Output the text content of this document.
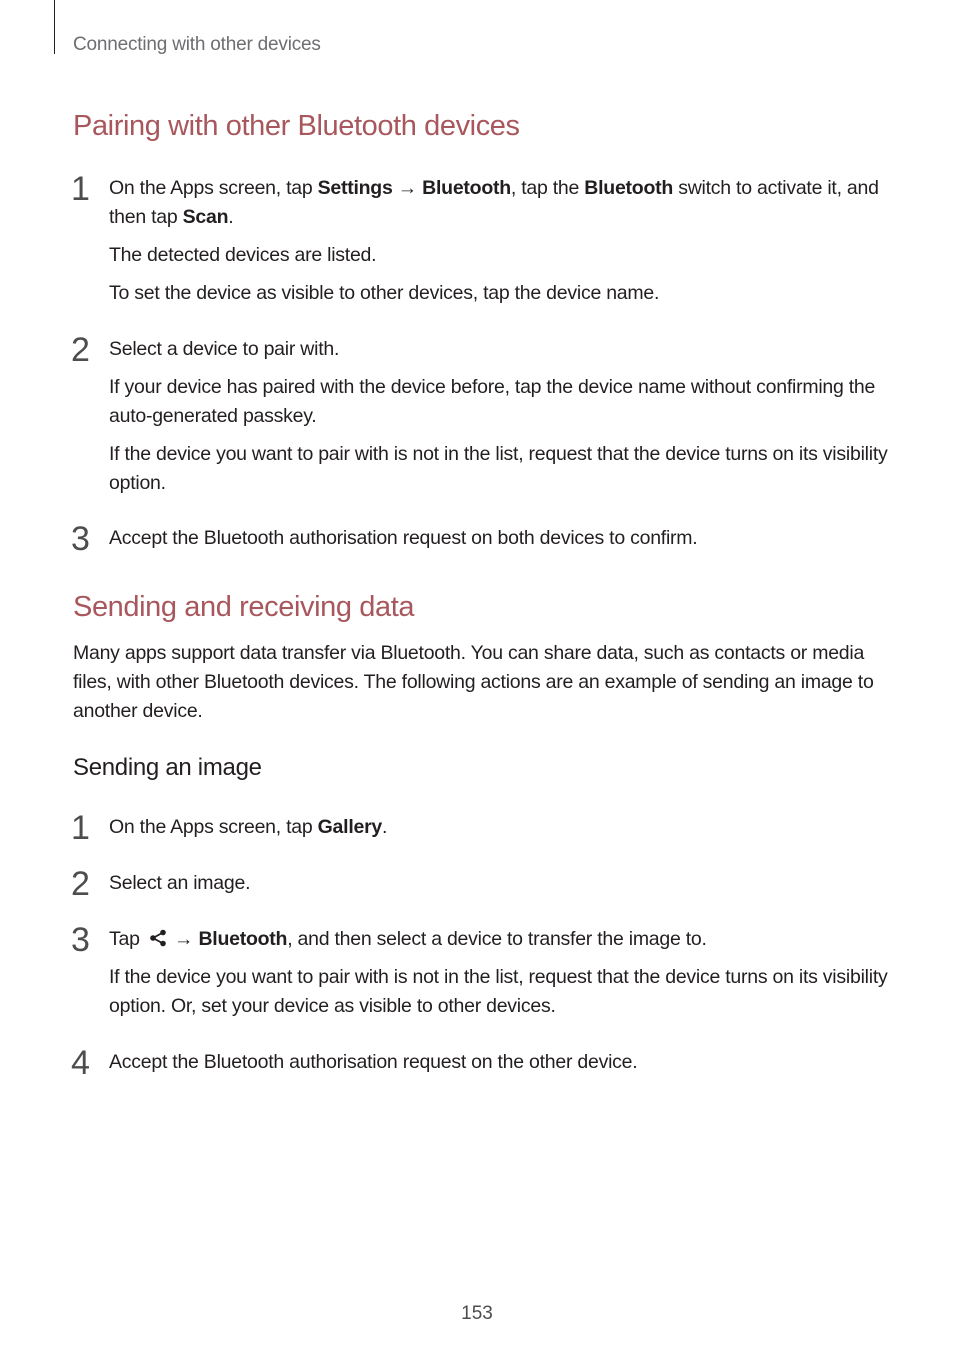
Connecting with other devices
Pairing with other Bluetooth devices
1 On the Apps screen, tap Settings → Bluetooth, tap the Bluetooth switch to activate it, and then tap Scan.

The detected devices are listed.

To set the device as visible to other devices, tap the device name.

2 Select a device to pair with.

If your device has paired with the device before, tap the device name without confirming the auto-generated passkey.

If the device you want to pair with is not in the list, request that the device turns on its visibility option.

3 Accept the Bluetooth authorisation request on both devices to confirm.

Sending and receiving data

Many apps support data transfer via Bluetooth. You can share data, such as contacts or media files, with other Bluetooth devices. The following actions are an example of sending an image to another device.

Sending an image
1 On the Apps screen, tap Gallery.

2 Select an image.

3 Tap  → Bluetooth, and then select a device to transfer the image to.

If the device you want to pair with is not in the list, request that the device turns on its visibility option. Or, set your device as visible to other devices.

4 Accept the Bluetooth authorisation request on the other device.

153
